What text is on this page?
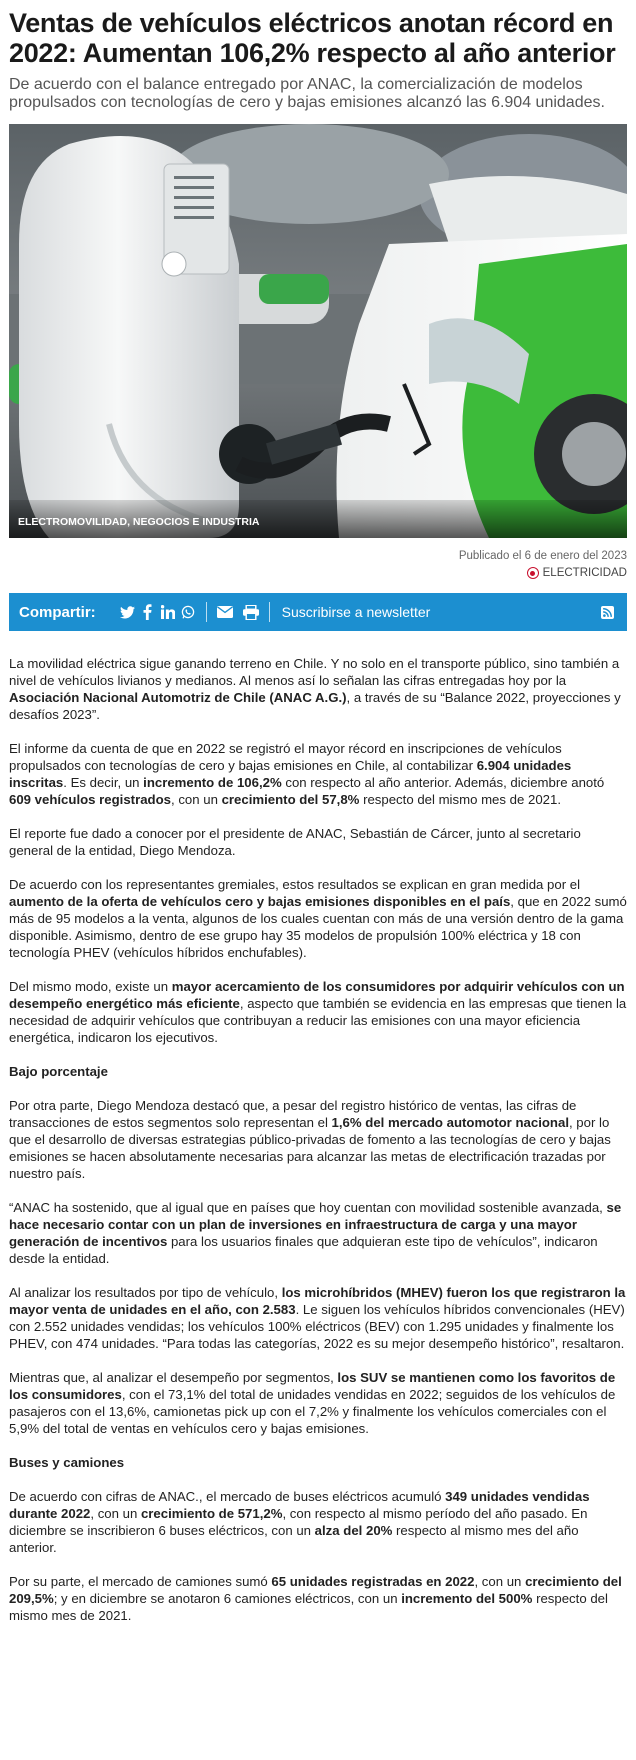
Ventas de vehículos eléctricos anotan récord en 2022: Aumentan 106,2% respecto al año anterior

De acuerdo con el balance entregado por ANAC, la comercialización de modelos propulsados con tecnologías de cero y bajas emisiones alcanzó las 6.904 unidades.

ELECTROMOVILIDAD, NEGOCIOS E INDUSTRIA
Publicado el 6 de enero del 2023
ELECTRICIDAD
Compartir:	Suscribirse a newsletter

La movilidad eléctrica sigue ganando terreno en Chile. Y no solo en el transporte público, sino también a nivel de vehículos livianos y medianos. Al menos así lo señalan las cifras entregadas hoy por la Asociación Nacional Automotriz de Chile (ANAC A.G.), a través de su “Balance 2022, proyecciones y desafíos 2023”.

El informe da cuenta de que en 2022 se registró el mayor récord en inscripciones de vehículos propulsados con tecnologías de cero y bajas emisiones en Chile, al contabilizar 6.904 unidades inscritas. Es decir, un incremento de 106,2% con respecto al año anterior. Además, diciembre anotó 609 vehículos registrados, con un crecimiento del 57,8% respecto del mismo mes de 2021.

El reporte fue dado a conocer por el presidente de ANAC, Sebastián de Cárcer, junto al secretario general de la entidad, Diego Mendoza.

De acuerdo con los representantes gremiales, estos resultados se explican en gran medida por el aumento de la oferta de vehículos cero y bajas emisiones disponibles en el país, que en 2022 sumó más de 95 modelos a la venta, algunos de los cuales cuentan con más de una versión dentro de la gama disponible. Asimismo, dentro de ese grupo hay 35 modelos de propulsión 100% eléctrica y 18 con tecnología PHEV (vehículos híbridos enchufables).

Del mismo modo, existe un mayor acercamiento de los consumidores por adquirir vehículos con un desempeño energético más eficiente, aspecto que también se evidencia en las empresas que tienen la necesidad de adquirir vehículos que contribuyan a reducir las emisiones con una mayor eficiencia energética, indicaron los ejecutivos.

Bajo porcentaje

Por otra parte, Diego Mendoza destacó que, a pesar del registro histórico de ventas, las cifras de transacciones de estos segmentos solo representan el 1,6% del mercado automotor nacional, por lo que el desarrollo de diversas estrategias público-privadas de fomento a las tecnologías de cero y bajas emisiones se hacen absolutamente necesarias para alcanzar las metas de electrificación trazadas por nuestro país.

“ANAC ha sostenido, que al igual que en países que hoy cuentan con movilidad sostenible avanzada, se hace necesario contar con un plan de inversiones en infraestructura de carga y una mayor generación de incentivos para los usuarios finales que adquieran este tipo de vehículos”, indicaron desde la entidad.

Al analizar los resultados por tipo de vehículo, los microhíbridos (MHEV) fueron los que registraron la mayor venta de unidades en el año, con 2.583. Le siguen los vehículos híbridos convencionales (HEV) con 2.552 unidades vendidas; los vehículos 100% eléctricos (BEV) con 1.295 unidades y finalmente los PHEV, con 474 unidades. “Para todas las categorías, 2022 es su mejor desempeño histórico”, resaltaron.

Mientras que, al analizar el desempeño por segmentos, los SUV se mantienen como los favoritos de los consumidores, con el 73,1% del total de unidades vendidas en 2022; seguidos de los vehículos de pasajeros con el 13,6%, camionetas pick up con el 7,2% y finalmente los vehículos comerciales con el 5,9% del total de ventas en vehículos cero y bajas emisiones.

Buses y camiones

De acuerdo con cifras de ANAC., el mercado de buses eléctricos acumuló 349 unidades vendidas durante 2022, con un crecimiento de 571,2%, con respecto al mismo período del año pasado. En diciembre se inscribieron 6 buses eléctricos, con un alza del 20% respecto al mismo mes del año anterior.

Por su parte, el mercado de camiones sumó 65 unidades registradas en 2022, con un crecimiento del 209,5%; y en diciembre se anotaron 6 camiones eléctricos, con un incremento del 500% respecto del mismo mes de 2021.
